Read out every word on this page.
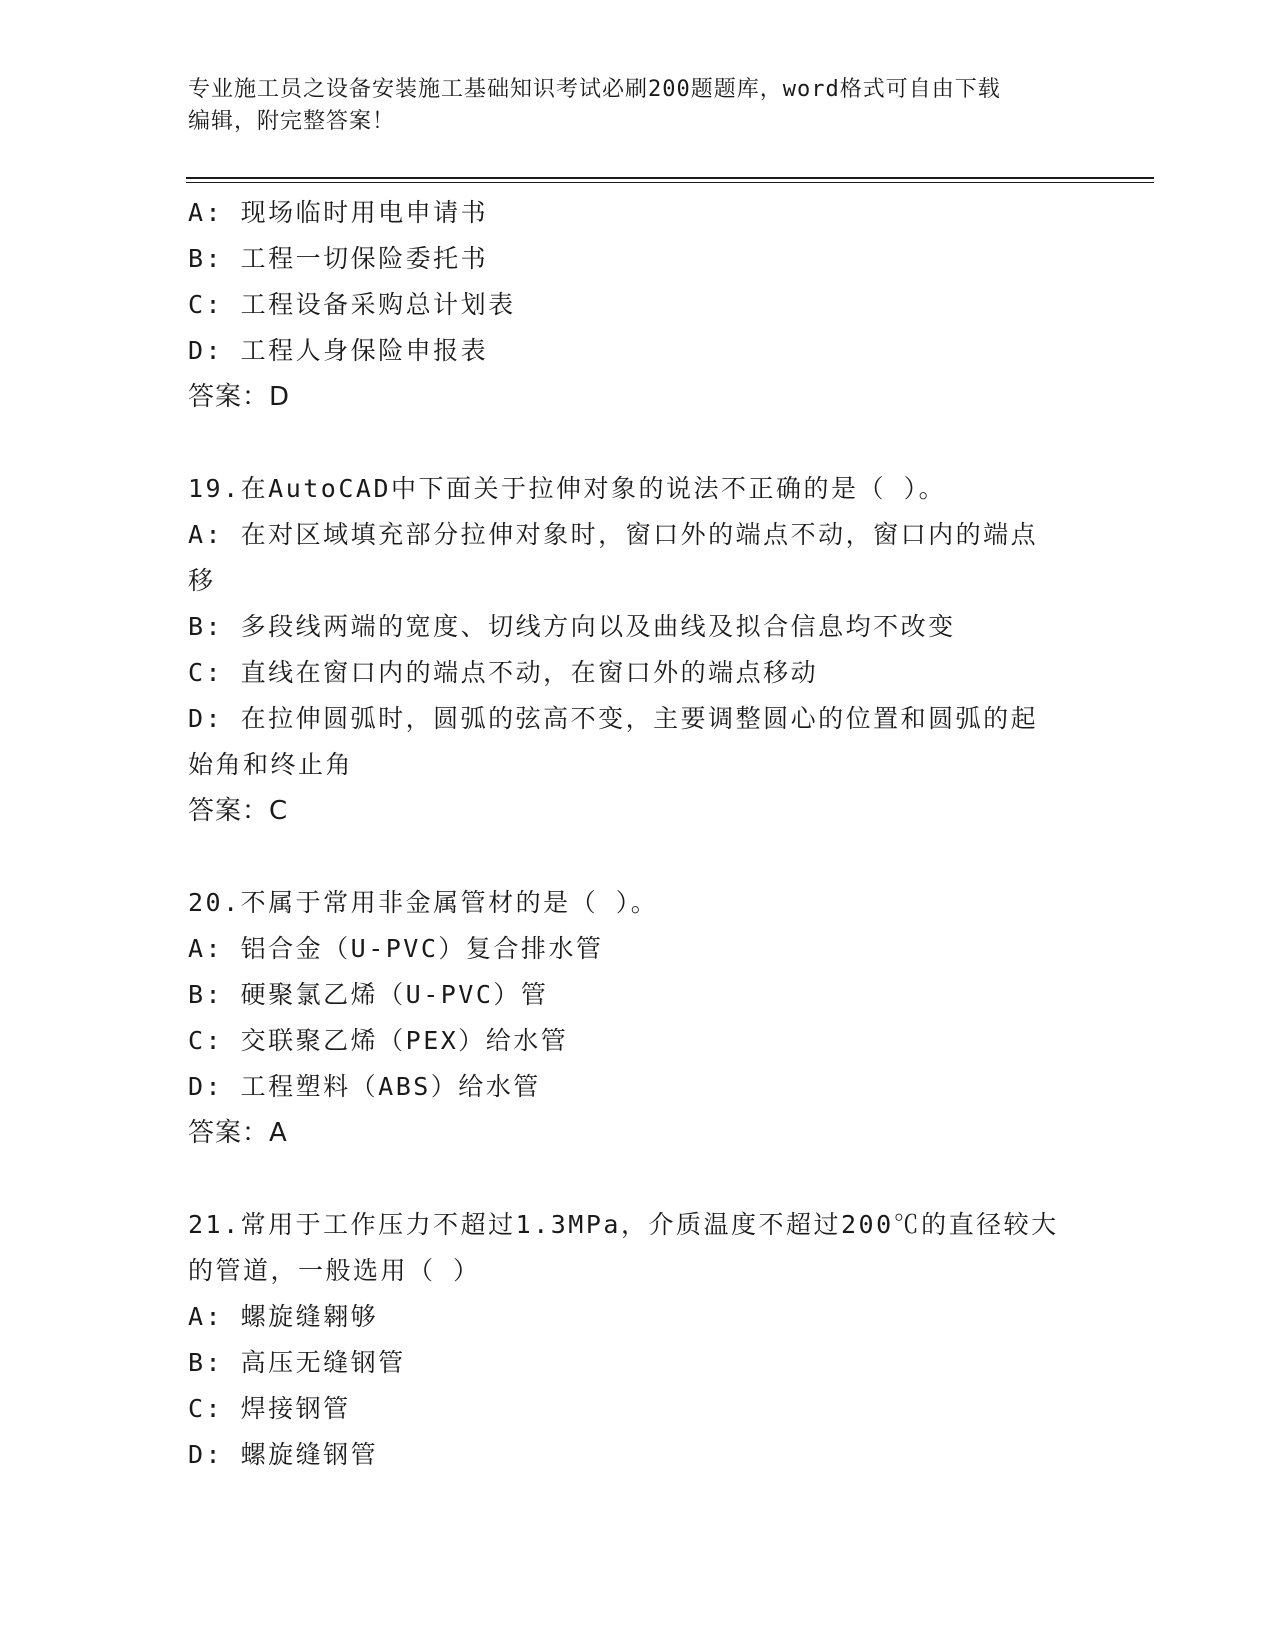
专业施工员之设备安装施工基础知识考试必刷200题题库，word格式可自由下载
编辑，附完整答案！
A: 现场临时用电申请书
B: 工程一切保险委托书
C: 工程设备采购总计划表
D: 工程人身保险申报表
答案：D
19.在AutoCAD中下面关于拉伸对象的说法不正确的是（ ）。
A: 在对区域填充部分拉伸对象时，窗口外的端点不动，窗口内的端点
移
B: 多段线两端的宽度、切线方向以及曲线及拟合信息均不改变
C: 直线在窗口内的端点不动，在窗口外的端点移动
D: 在拉伸圆弧时，圆弧的弦高不变，主要调整圆心的位置和圆弧的起
始角和终止角
答案：C
20.不属于常用非金属管材的是（ ）。
A: 铝合金（U-PVC）复合排水管
B: 硬聚氯乙烯（U-PVC）管
C: 交联聚乙烯（PEX）给水管
D: 工程塑料（ABS）给水管
答案：A
21.常用于工作压力不超过1.3MPa，介质温度不超过200℃的直径较大
的管道，一般选用（ ）
A: 螺旋缝翱够
B: 高压无缝钢管
C: 焊接钢管
D: 螺旋缝钢管
